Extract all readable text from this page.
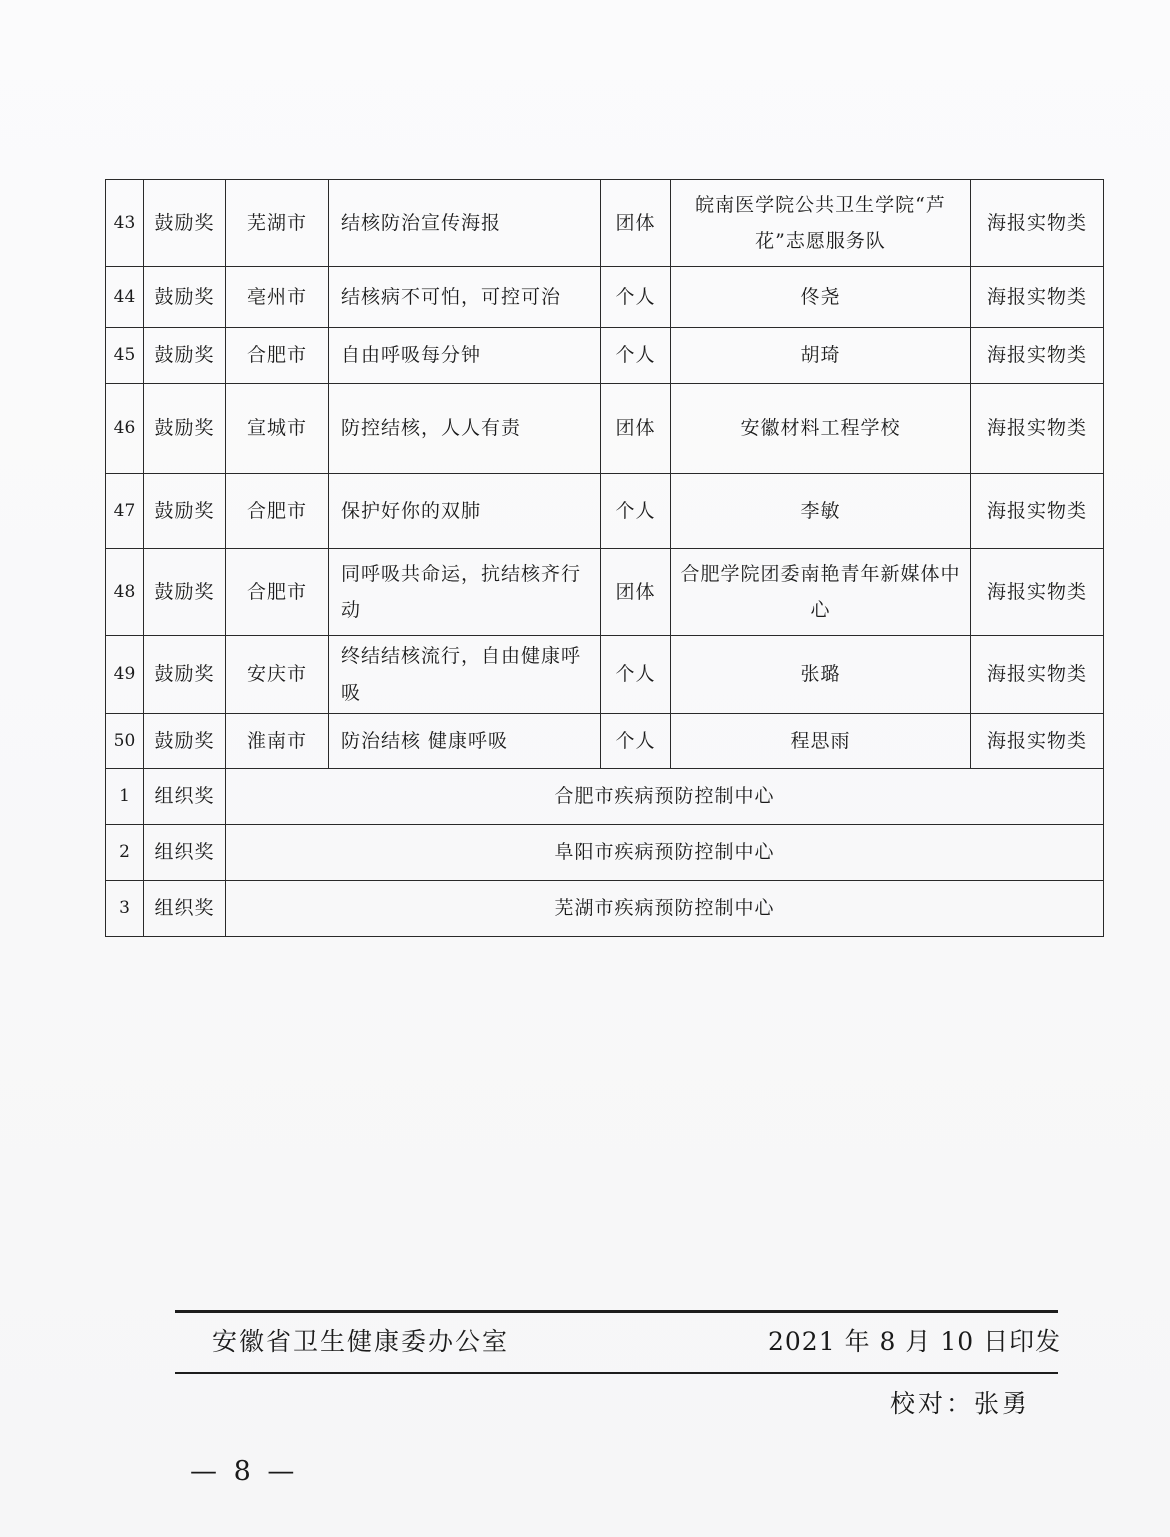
43	鼓励奖	芜湖市	结核防治宣传海报	团体	皖南医学院公共卫生学院“芦花”志愿服务队	海报实物类
44	鼓励奖	亳州市	结核病不可怕，可控可治	个人	佟尧	海报实物类
45	鼓励奖	合肥市	自由呼吸每分钟	个人	胡琦	海报实物类
46	鼓励奖	宣城市	防控结核，人人有责	团体	安徽材料工程学校	海报实物类
47	鼓励奖	合肥市	保护好你的双肺	个人	李敏	海报实物类
48	鼓励奖	合肥市	同呼吸共命运，抗结核齐行动	团体	合肥学院团委南艳青年新媒体中心	海报实物类
49	鼓励奖	安庆市	终结结核流行，自由健康呼吸	个人	张璐	海报实物类
50	鼓励奖	淮南市	防治结核 健康呼吸	个人	程思雨	海报实物类
1	组织奖	合肥市疾病预防控制中心				
2	组织奖	阜阳市疾病预防控制中心				
3	组织奖	芜湖市疾病预防控制中心				
安徽省卫生健康委办公室	2021 年 8 月 10 日印发
校对：张勇
— 8 —
